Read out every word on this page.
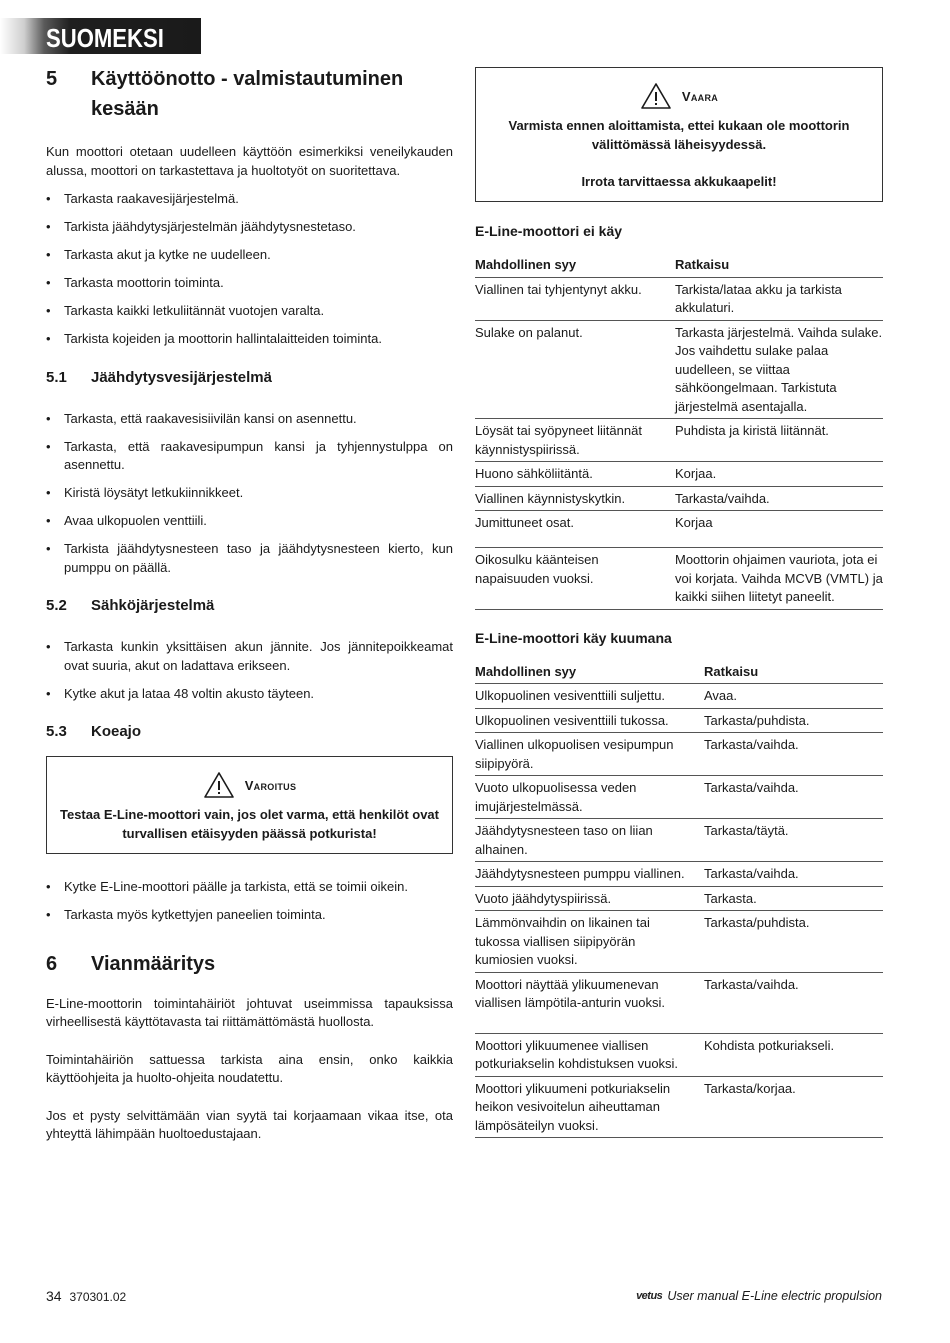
SUOMEKSI
5	Käyttöönotto - valmistautuminen kesään

Kun moottori otetaan uudelleen käyttöön esimerkiksi veneilykauden alussa, moottori on tarkastettava ja huoltotyöt on suoritettava.

• Tarkasta raakavesijärjestelmä.
• Tarkista jäähdytysjärjestelmän jäähdytysnestetaso.
• Tarkasta akut ja kytke ne uudelleen.
• Tarkasta moottorin toiminta.
• Tarkasta kaikki letkuliitännät vuotojen varalta.
• Tarkista kojeiden ja moottorin hallintalaitteiden toiminta.
5.1	Jäähdytysvesijärjestelmä
• Tarkasta, että raakavesisiivilän kansi on asennettu.
• Tarkasta, että raakavesipumpun kansi ja tyhjennystulppa on asennettu.
• Kiristä löysätyt letkukiinnikkeet.
• Avaa ulkopuolen venttiili.
• Tarkista jäähdytysnesteen taso ja jäähdytysnesteen kierto, kun pumppu on päällä.
5.2	Sähköjärjestelmä
• Tarkasta kunkin yksittäisen akun jännite. Jos jännitepoikkeamat ovat suuria, akut on ladattava erikseen.
• Kytke akut ja lataa 48 voltin akusto täyteen.
5.3	Koeajo
Varoitus
Testaa E-Line-moottori vain, jos olet varma, että henkilöt ovat turvallisen etäisyyden päässä potkurista!
• Kytke E-Line-moottori päälle ja tarkista, että se toimii oikein.
• Tarkasta myös kytkettyjen paneelien toiminta.
6	Vianmääritys

E-Line-moottorin toimintahäiriöt johtuvat useimmissa tapauksissa virheellisestä käyttötavasta tai riittämättömästä huollosta.

Toimintahäiriön sattuessa tarkista aina ensin, onko kaikkia käyttöohjeita ja huolto-ohjeita noudatettu.

Jos et pysty selvittämään vian syytä tai korjaamaan vikaa itse, ota yhteyttä lähimpään huoltoedustajaan.

Vaara
Varmista ennen aloittamista, ettei kukaan ole moottorin välittömässä läheisyydessä.
Irrota tarvittaessa akkukaapelit!
E-Line-moottori ei käy
Mahdollinen syy	Ratkaisu
Viallinen tai tyhjentynyt akku.	Tarkista/lataa akku ja tarkista akkulaturi.
Sulake on palanut.	Tarkasta järjestelmä. Vaihda sulake. Jos vaihdettu sulake palaa uudelleen, se viittaa sähköongelmaan. Tarkistuta järjestelmä asentajalla.
Löysät tai syöpyneet liitännät käynnistyspiirissä.	Puhdista ja kiristä liitännät.
Huono sähköliitäntä.	Korjaa.
Viallinen käynnistyskytkin.	Tarkasta/vaihda.
Jumittuneet osat.	Korjaa
Oikosulku käänteisen napaisuuden vuoksi.	Moottorin ohjaimen vauriota, jota ei voi korjata. Vaihda MCVB (VMTL) ja kaikki siihen liitetyt paneelit.
E-Line-moottori käy kuumana
Mahdollinen syy	Ratkaisu
Ulkopuolinen vesiventtiili suljettu.	Avaa.
Ulkopuolinen vesiventtiili tukossa.	Tarkasta/puhdista.
Viallinen ulkopuolisen vesipumpun siipipyörä.	Tarkasta/vaihda.
Vuoto ulkopuolisessa veden imujärjestelmässä.	Tarkasta/vaihda.
Jäähdytysnesteen taso on liian alhainen.	Tarkasta/täytä.
Jäähdytysnesteen pumppu viallinen.	Tarkasta/vaihda.
Vuoto jäähdytyspiirissä.	Tarkasta.
Lämmönvaihdin on likainen tai tukossa viallisen siipipyörän kumiosien vuoksi.	Tarkasta/puhdista.
Moottori näyttää ylikuumenevan viallisen lämpötila-anturin vuoksi.	Tarkasta/vaihda.
Moottori ylikuumenee viallisen potkuriakselin kohdistuksen vuoksi.	Kohdista potkuriakseli.
Moottori ylikuumeni potkuriakselin heikon vesivoitelun aiheuttaman lämpösäteilyn vuoksi.	Tarkasta/korjaa.
34 370301.02	vetus User manual E-Line electric propulsion
